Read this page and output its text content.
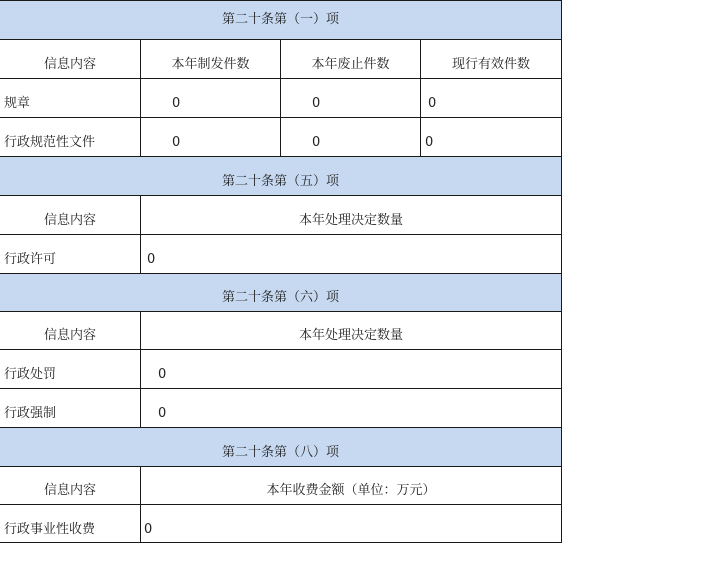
第二十条第（一）项
信息内容	本年制发件数	本年废止件数	现行有效件数
规章	0	0	0
行政规范性文件	0	0	0
第二十条第（五）项
信息内容	本年处理决定数量
行政许可	0
第二十条第（六）项
信息内容	本年处理决定数量
行政处罚	0
行政强制	0
第二十条第（八）项
信息内容	本年收费金额（单位：万元）
行政事业性收费	0
